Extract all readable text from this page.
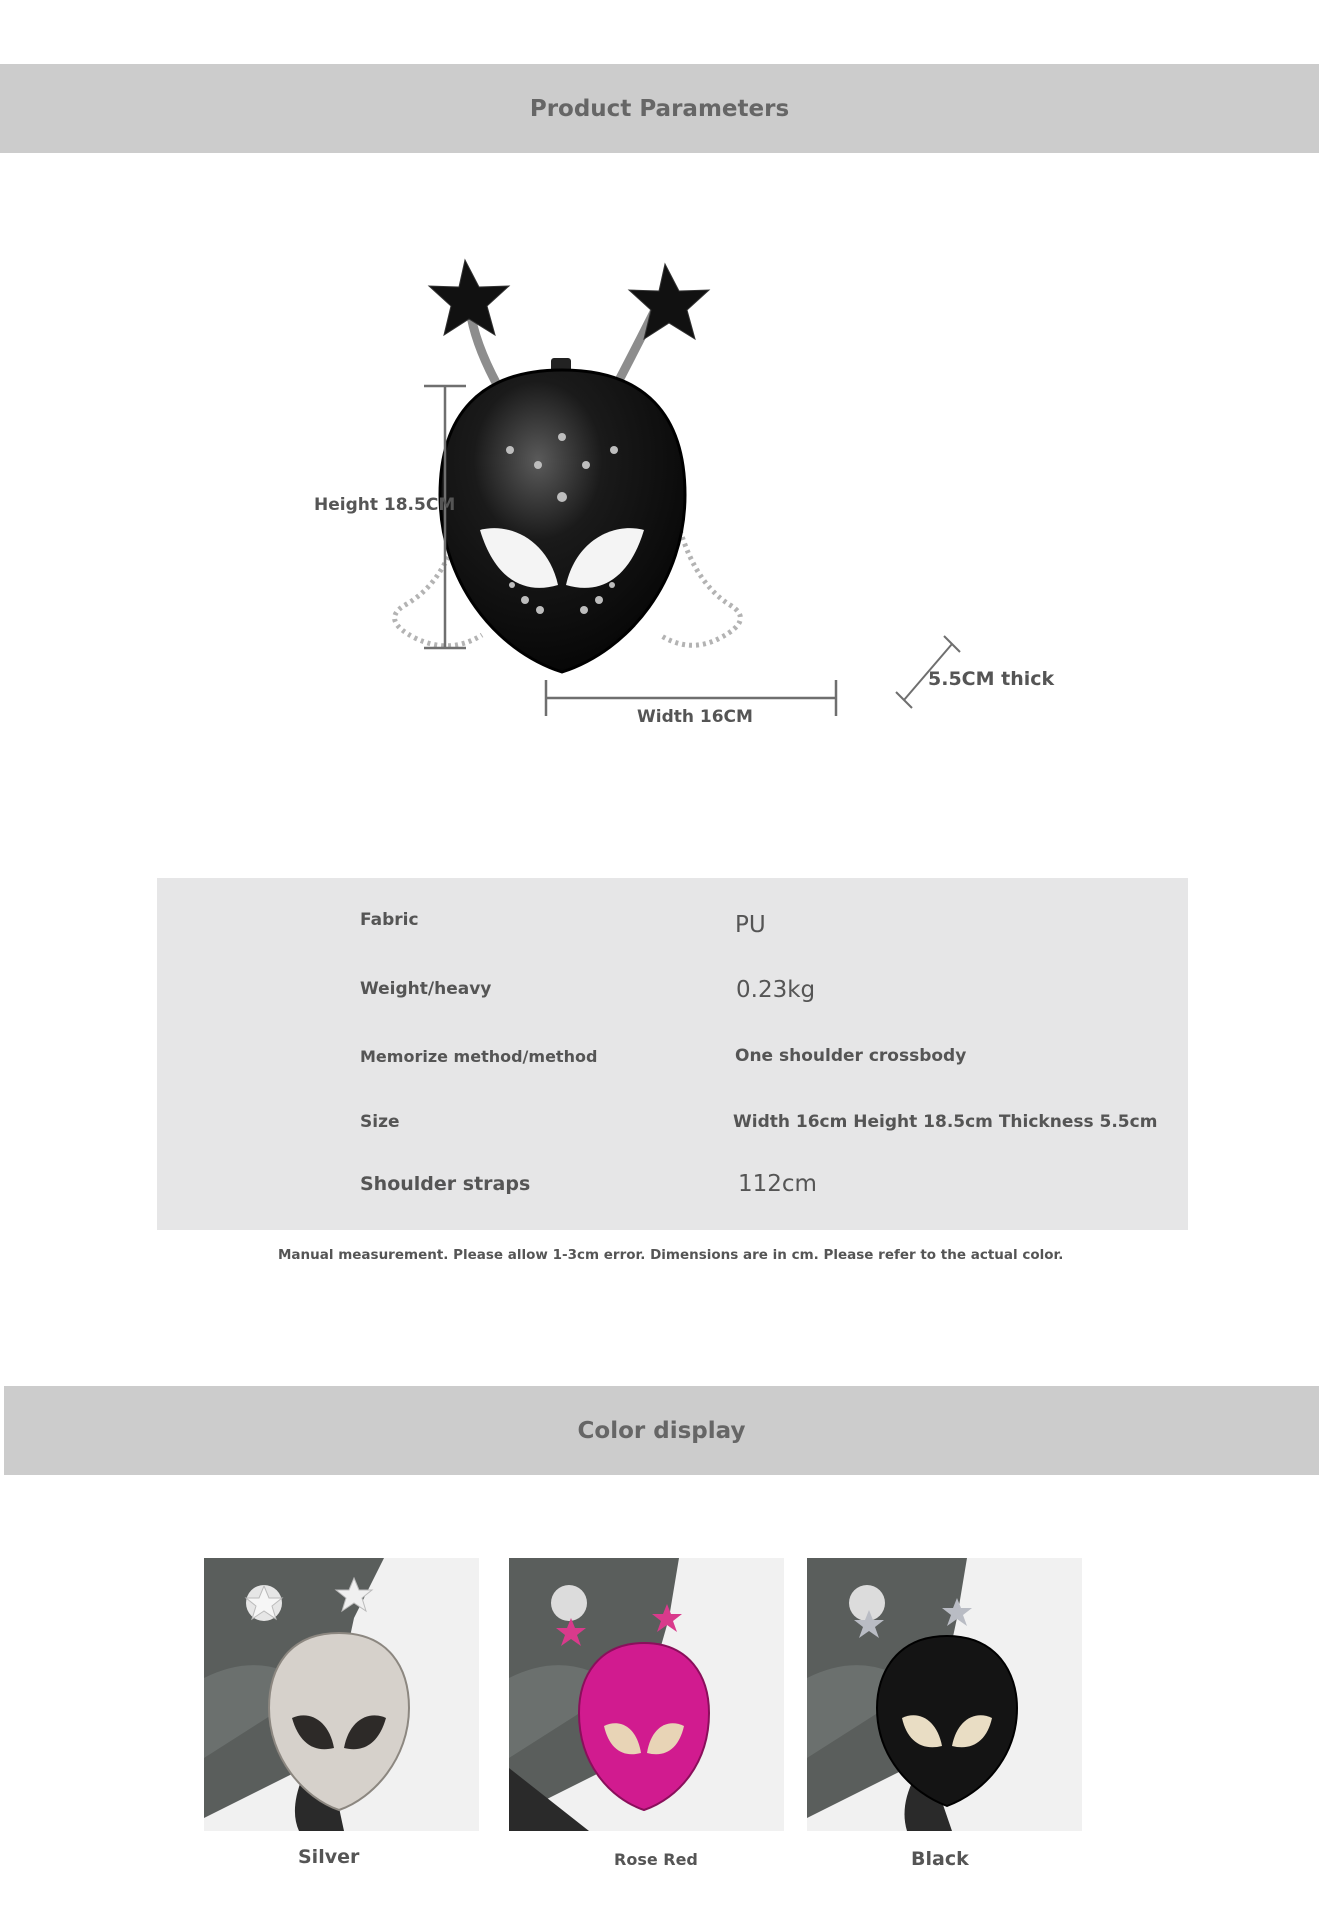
Product Parameters
Height 18.5CM
Width 16CM
5.5CM thick
Fabric	PU
Weight/heavy	0.23kg
Memorize method/method	One shoulder crossbody
Size	Width 16cm Height 18.5cm Thickness 5.5cm
Shoulder straps	112cm
Manual measurement. Please allow 1-3cm error. Dimensions are in cm. Please refer to the actual color.
Color display
Silver	Rose Red	Black
